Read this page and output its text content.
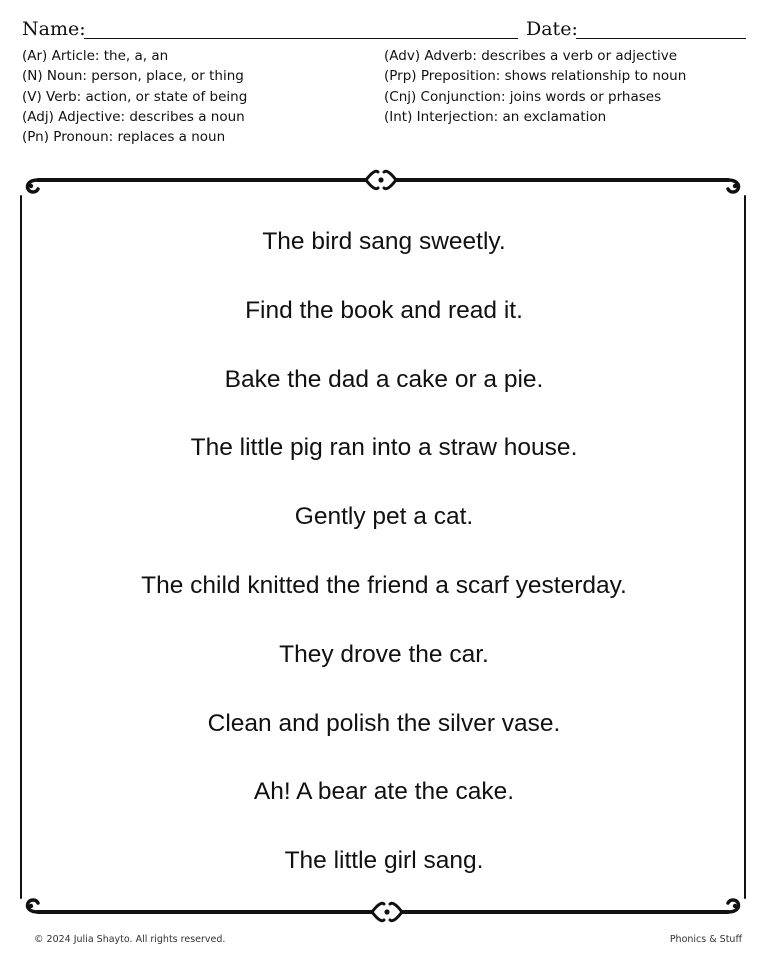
Name:	Date:
(Ar) Article: the, a, an
(N) Noun: person, place, or thing
(V) Verb: action, or state of being
(Adj) Adjective: describes a noun
(Pn) Pronoun: replaces a noun
(Adv) Adverb: describes a verb or adjective
(Prp) Preposition: shows relationship to noun
(Cnj) Conjunction: joins words or prhases
(Int) Interjection: an exclamation
The bird sang sweetly.
Find the book and read it.
Bake the dad a cake or a pie.
The little pig ran into a straw house.
Gently pet a cat.
The child knitted the friend a scarf yesterday.
They drove the car.
Clean and polish the silver vase.
Ah! A bear ate the cake.
The little girl sang.
© 2024 Julia Shayto. All rights reserved.	Phonics & Stuff
